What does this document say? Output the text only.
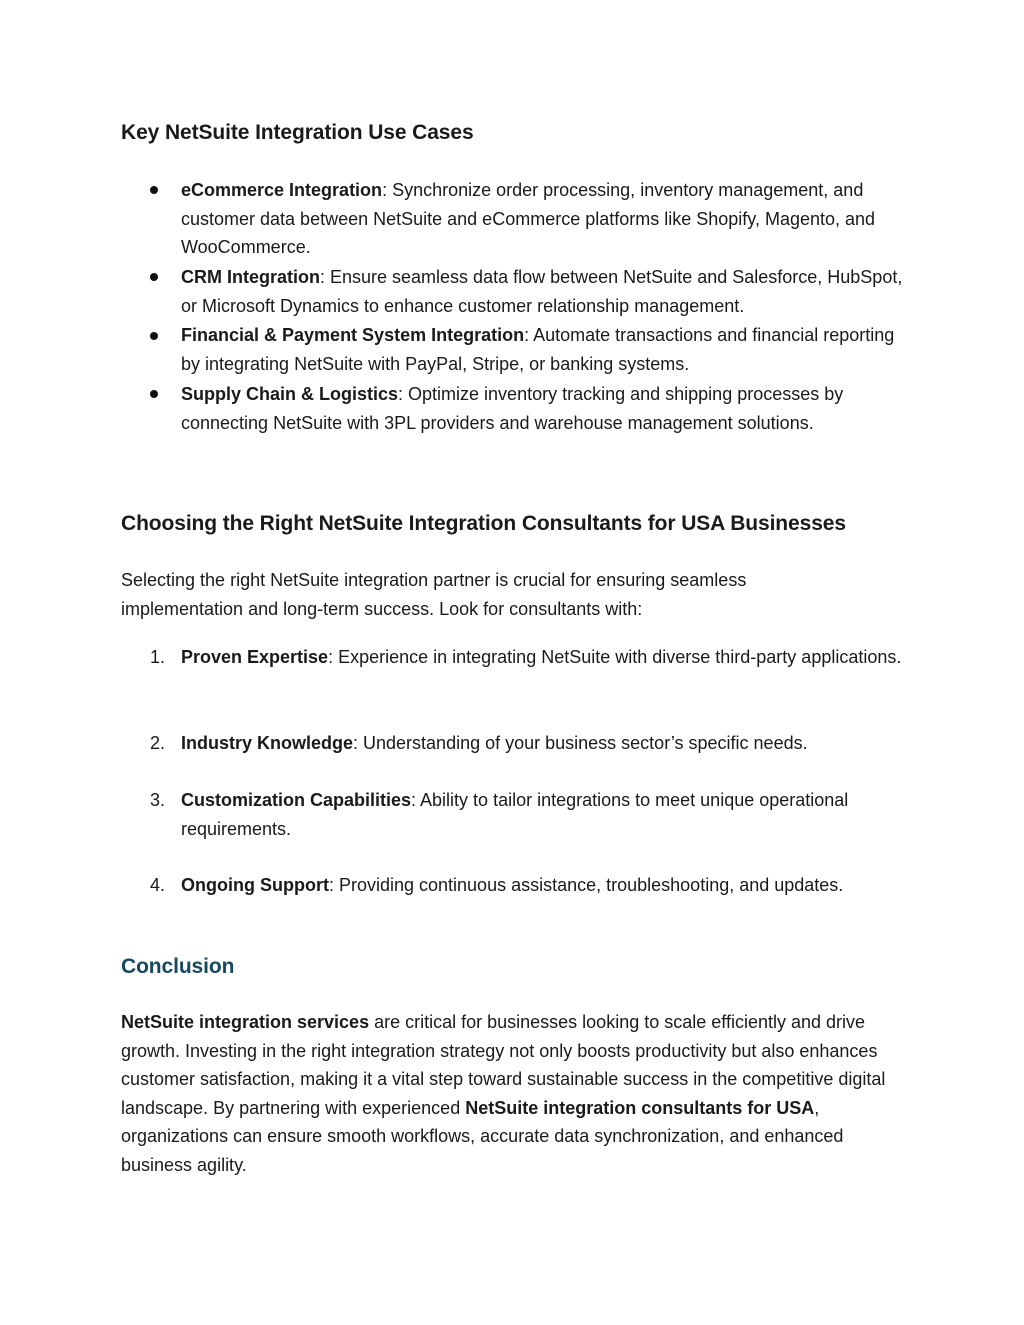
Key NetSuite Integration Use Cases

eCommerce Integration: Synchronize order processing, inventory management, and customer data between NetSuite and eCommerce platforms like Shopify, Magento, and WooCommerce.

CRM Integration: Ensure seamless data flow between NetSuite and Salesforce, HubSpot, or Microsoft Dynamics to enhance customer relationship management.

Financial & Payment System Integration: Automate transactions and financial reporting by integrating NetSuite with PayPal, Stripe, or banking systems.

Supply Chain & Logistics: Optimize inventory tracking and shipping processes by connecting NetSuite with 3PL providers and warehouse management solutions.

Choosing the Right NetSuite Integration Consultants for USA Businesses

Selecting the right NetSuite integration partner is crucial for ensuring seamless implementation and long-term success. Look for consultants with:

1. Proven Expertise: Experience in integrating NetSuite with diverse third-party applications.

2. Industry Knowledge: Understanding of your business sector’s specific needs.

3. Customization Capabilities: Ability to tailor integrations to meet unique operational requirements.

4. Ongoing Support: Providing continuous assistance, troubleshooting, and updates.

Conclusion

NetSuite integration services are critical for businesses looking to scale efficiently and drive growth. Investing in the right integration strategy not only boosts productivity but also enhances customer satisfaction, making it a vital step toward sustainable success in the competitive digital landscape. By partnering with experienced NetSuite integration consultants for USA, organizations can ensure smooth workflows, accurate data synchronization, and enhanced business agility.
